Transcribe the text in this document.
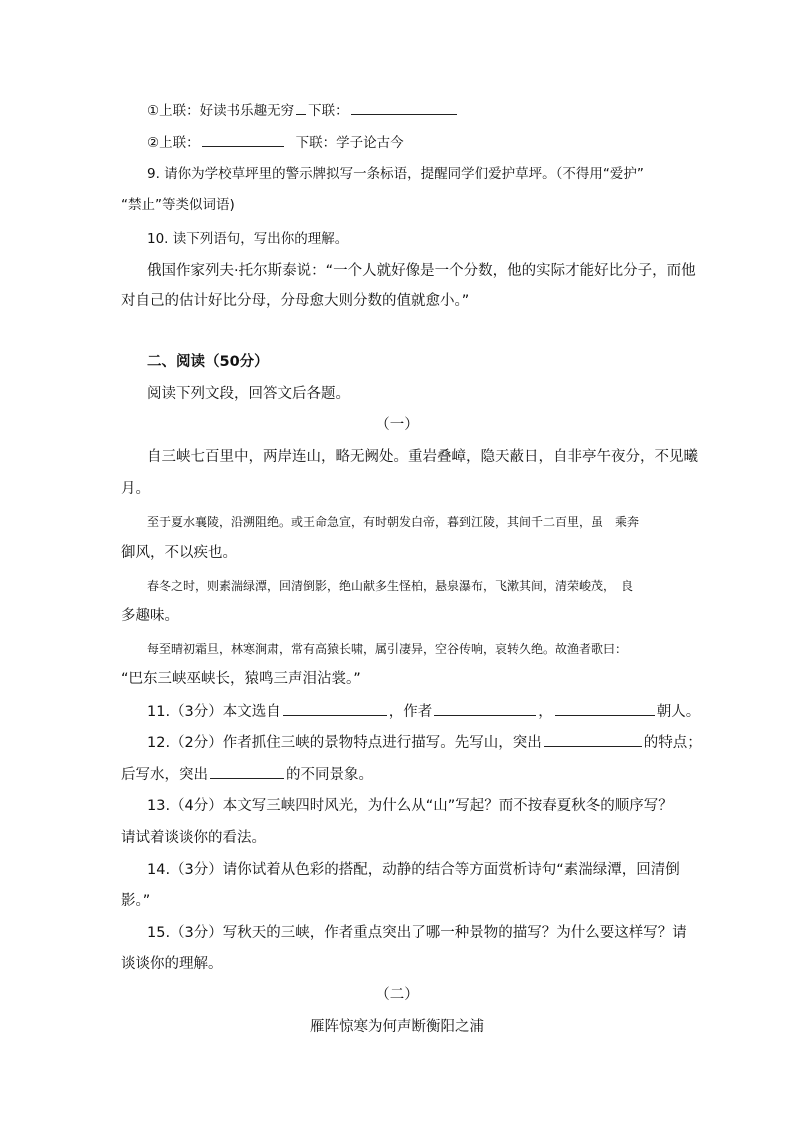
①上联：好读书乐趣无穷 下联：
②上联：	下联：学子论古今
9. 请你为学校草坪里的警示牌拟写一条标语，提醒同学们爱护草坪。（不得用“爱护”
“禁止”等类似词语)
10. 读下列语句，写出你的理解。
俄国作家列夫·托尔斯泰说：“一个人就好像是一个分数，他的实际才能好比分子，而他
对自己的估计好比分母，分母愈大则分数的值就愈小。”
二、阅读（50分）
阅读下列文段，回答文后各题。
（一）
自三峡七百里中，两岸连山，略无阙处。重岩叠嶂，隐天蔽日，自非亭午夜分，不见曦
月。
至于夏水襄陵，沿溯阻绝。或王命急宣，有时朝发白帝，暮到江陵，其间千二百里，虽　乘奔
御风，不以疾也。
春冬之时，则素湍绿潭，回清倒影，绝山献多生怪柏，悬泉瀑布，飞漱其间，清荣峻茂，　良
多趣味。
每至晴初霜旦，林寒涧肃，常有高猿长啸，属引凄异，空谷传响，哀转久绝。故渔者歌曰：
“巴东三峡巫峡长，猿鸣三声泪沾裳。”
11.（3分）本文选自	，作者	，	朝人。
12.（2分）作者抓住三峡的景物特点进行描写。先写山，突出	的特点；
后写水，突出	的不同景象。
13.（4分）本文写三峡四时风光，为什么从“山”写起？而不按春夏秋冬的顺序写？
请试着谈谈你的看法。
14.（3分）请你试着从色彩的搭配，动静的结合等方面赏析诗句“素湍绿潭，回清倒
影。”
15.（3分）写秋天的三峡，作者重点突出了哪一种景物的描写？为什么要这样写？请
谈谈你的理解。
（二）
雁阵惊寒为何声断衡阳之浦
